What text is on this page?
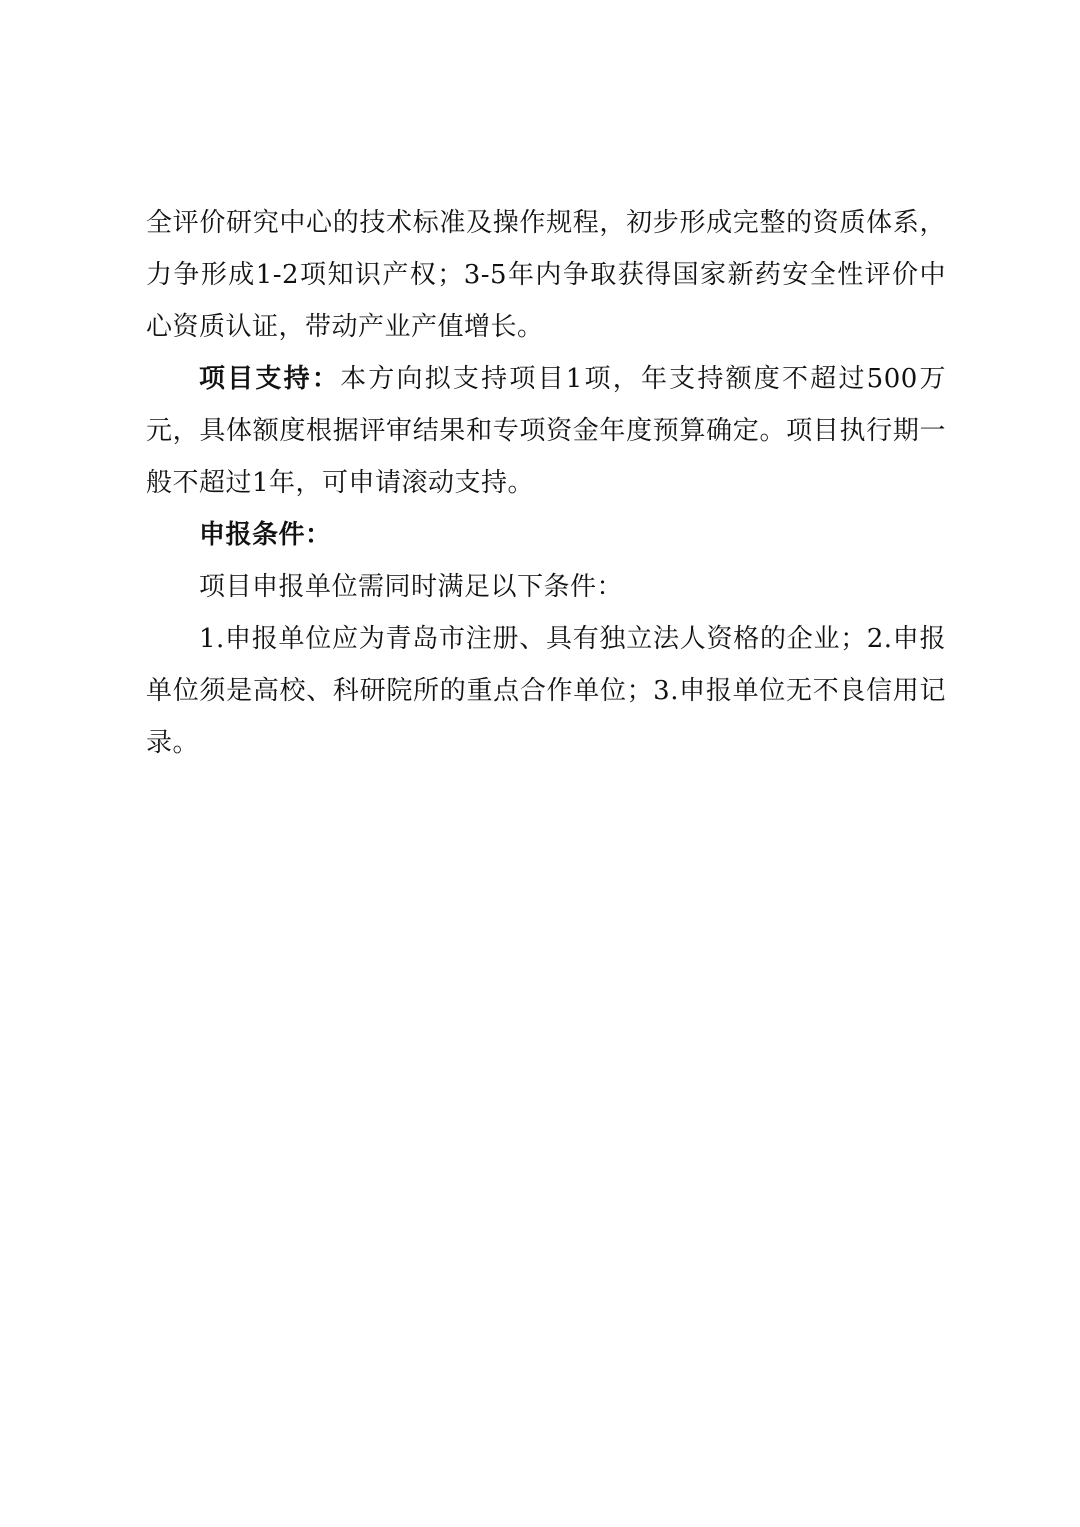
全评价研究中心的技术标准及操作规程，初步形成完整的资质体系，力争形成1-2项知识产权；3-5年内争取获得国家新药安全性评价中心资质认证，带动产业产值增长。

项目支持：本方向拟支持项目1项，年支持额度不超过500万元，具体额度根据评审结果和专项资金年度预算确定。项目执行期一般不超过1年，可申请滚动支持。

申报条件：

项目申报单位需同时满足以下条件：

1.申报单位应为青岛市注册、具有独立法人资格的企业；2.申报单位须是高校、科研院所的重点合作单位；3.申报单位无不良信用记录。
